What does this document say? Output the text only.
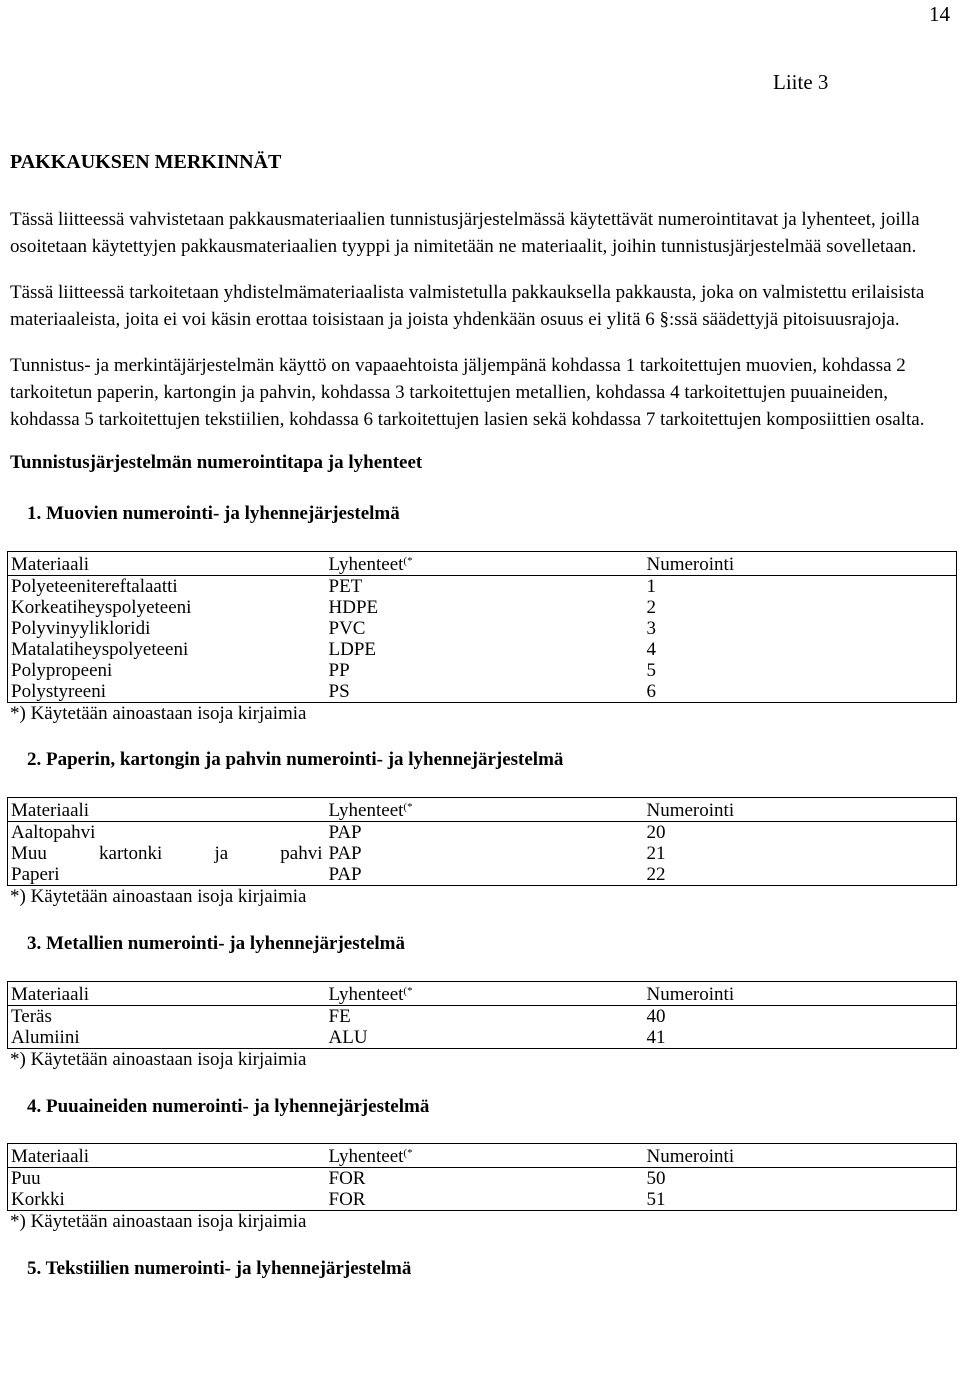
14
Liite 3
PAKKAUKSEN MERKINNÄT

Tässä liitteessä vahvistetaan pakkausmateriaalien tunnistusjärjestelmässä käytettävät numerointitavat ja lyhenteet, joilla osoitetaan käytettyjen pakkausmateriaalien tyyppi ja nimitetään ne materiaalit, joihin tunnistusjärjestelmää sovelletaan.

Tässä liitteessä tarkoitetaan yhdistelmämateriaalista valmistetulla pakkauksella pakkausta, joka on valmistettu erilaisista materiaaleista, joita ei voi käsin erottaa toisistaan ja joista yhdenkään osuus ei ylitä 6 §:ssä säädettyjä pitoisuusrajoja.

Tunnistus- ja merkintäjärjestelmän käyttö on vapaaehtoista jäljempänä kohdassa 1 tarkoitettujen muovien, kohdassa 2 tarkoitetun paperin, kartongin ja pahvin, kohdassa 3 tarkoitettujen metallien, kohdassa 4 tarkoitettujen puuaineiden, kohdassa 5 tarkoitettujen tekstiilien, kohdassa 6 tarkoitettujen lasien sekä kohdassa 7 tarkoitettujen komposiittien osalta.

Tunnistusjärjestelmän numerointitapa ja lyhenteet
1. Muovien numerointi- ja lyhennejärjestelmä
Materiaali	Lyhenteet(*	Numerointi
Polyeteenitereftalaatti	PET	1
Korkeatiheyspolyeteeni	HDPE	2
Polyvinyylikloridi	PVC	3
Matalatiheyspolyeteeni	LDPE	4
Polypropeeni	PP	5
Polystyreeni	PS	6
*) Käytetään ainoastaan isoja kirjaimia
2. Paperin, kartongin ja pahvin numerointi- ja lyhennejärjestelmä
Materiaali	Lyhenteet(*	Numerointi
Aaltopahvi	PAP	20

Muu kartonki ja pahvi	PAP	21
Paperi	PAP	22
*) Käytetään ainoastaan isoja kirjaimia
3. Metallien numerointi- ja lyhennejärjestelmä
Materiaali	Lyhenteet(*	Numerointi
Teräs	FE	40
Alumiini	ALU	41
*) Käytetään ainoastaan isoja kirjaimia
4. Puuaineiden numerointi- ja lyhennejärjestelmä
Materiaali	Lyhenteet(*	Numerointi
Puu	FOR	50
Korkki	FOR	51
*) Käytetään ainoastaan isoja kirjaimia
5. Tekstiilien numerointi- ja lyhennejärjestelmä
